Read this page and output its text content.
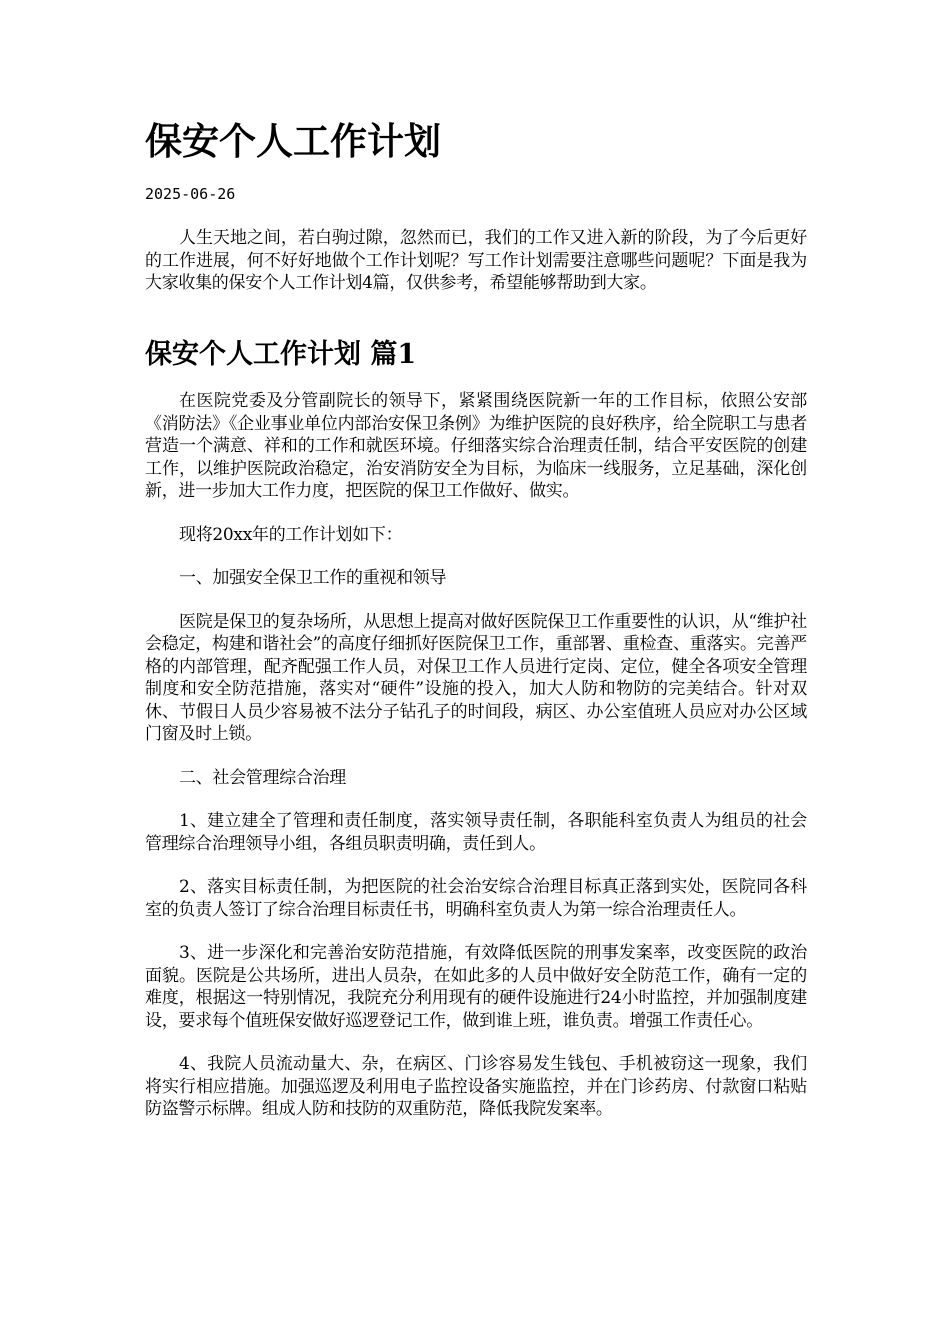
保安个人工作计划
2025-06-26

人生天地之间，若白驹过隙，忽然而已，我们的工作又进入新的阶段，为了今后更好的工作进展，何不好好地做个工作计划呢？写工作计划需要注意哪些问题呢？下面是我为大家收集的保安个人工作计划4篇，仅供参考，希望能够帮助到大家。

保安个人工作计划 篇1

在医院党委及分管副院长的领导下，紧紧围绕医院新一年的工作目标，依照公安部《消防法》《企业事业单位内部治安保卫条例》为维护医院的良好秩序，给全院职工与患者营造一个满意、祥和的工作和就医环境。仔细落实综合治理责任制，结合平安医院的创建工作，以维护医院政治稳定，治安消防安全为目标，为临床一线服务，立足基础，深化创新，进一步加大工作力度，把医院的保卫工作做好、做实。

现将20xx年的工作计划如下：

一、加强安全保卫工作的重视和领导

医院是保卫的复杂场所，从思想上提高对做好医院保卫工作重要性的认识，从“维护社会稳定，构建和谐社会”的高度仔细抓好医院保卫工作，重部署、重检查、重落实。完善严格的内部管理，配齐配强工作人员，对保卫工作人员进行定岗、定位，健全各项安全管理制度和安全防范措施，落实对“硬件”设施的投入，加大人防和物防的完美结合。针对双休、节假日人员少容易被不法分子钻孔子的时间段，病区、办公室值班人员应对办公区域门窗及时上锁。

二、社会管理综合治理

1、建立建全了管理和责任制度，落实领导责任制，各职能科室负责人为组员的社会管理综合治理领导小组，各组员职责明确，责任到人。

2、落实目标责任制，为把医院的社会治安综合治理目标真正落到实处，医院同各科室的负责人签订了综合治理目标责任书，明确科室负责人为第一综合治理责任人。

3、进一步深化和完善治安防范措施，有效降低医院的刑事发案率，改变医院的政治面貌。医院是公共场所，进出人员杂，在如此多的人员中做好安全防范工作，确有一定的难度，根据这一特别情况，我院充分利用现有的硬件设施进行24小时监控，并加强制度建设，要求每个值班保安做好巡逻登记工作，做到谁上班，谁负责。增强工作责任心。

4、我院人员流动量大、杂，在病区、门诊容易发生钱包、手机被窃这一现象，我们将实行相应措施。加强巡逻及利用电子监控设备实施监控，并在门诊药房、付款窗口粘贴防盗警示标牌。组成人防和技防的双重防范，降低我院发案率。
